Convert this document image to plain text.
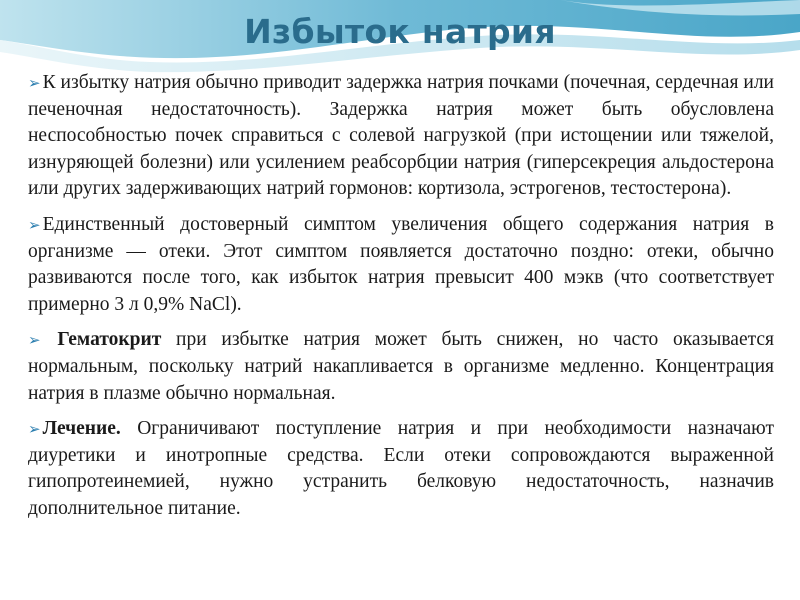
Избыток натрия

➢ К избытку натрия обычно приводит задержка натрия почками (почечная, сердечная или печеночная недостаточность). Задержка натрия может быть обусловлена неспособностью почек справиться с солевой нагрузкой (при истощении или тяжелой, изнуряющей болезни) или усилением реабсорбции натрия (гиперсекреция альдостерона или других задерживающих натрий гормонов: кортизола, эстрогенов, тестостерона).

➢ Единственный достоверный симптом увеличения общего содержания натрия в организме — отеки. Этот симптом появляется достаточно поздно: отеки, обычно развиваются после того, как избыток натрия превысит 400 мэкв (что соответствует примерно 3 л 0,9% NaCl).

➢ Гематокрит при избытке натрия может быть снижен, но часто оказывается нормальным, поскольку натрий накапливается в организме медленно. Концентрация натрия в плазме обычно нормальная.

➢ Лечение. Ограничивают поступление натрия и при необходимости назначают диуретики и инотропные средства. Если отеки сопровождаются выраженной гипопротеинемией, нужно устранить белковую недостаточность, назначив дополнительное питание.
